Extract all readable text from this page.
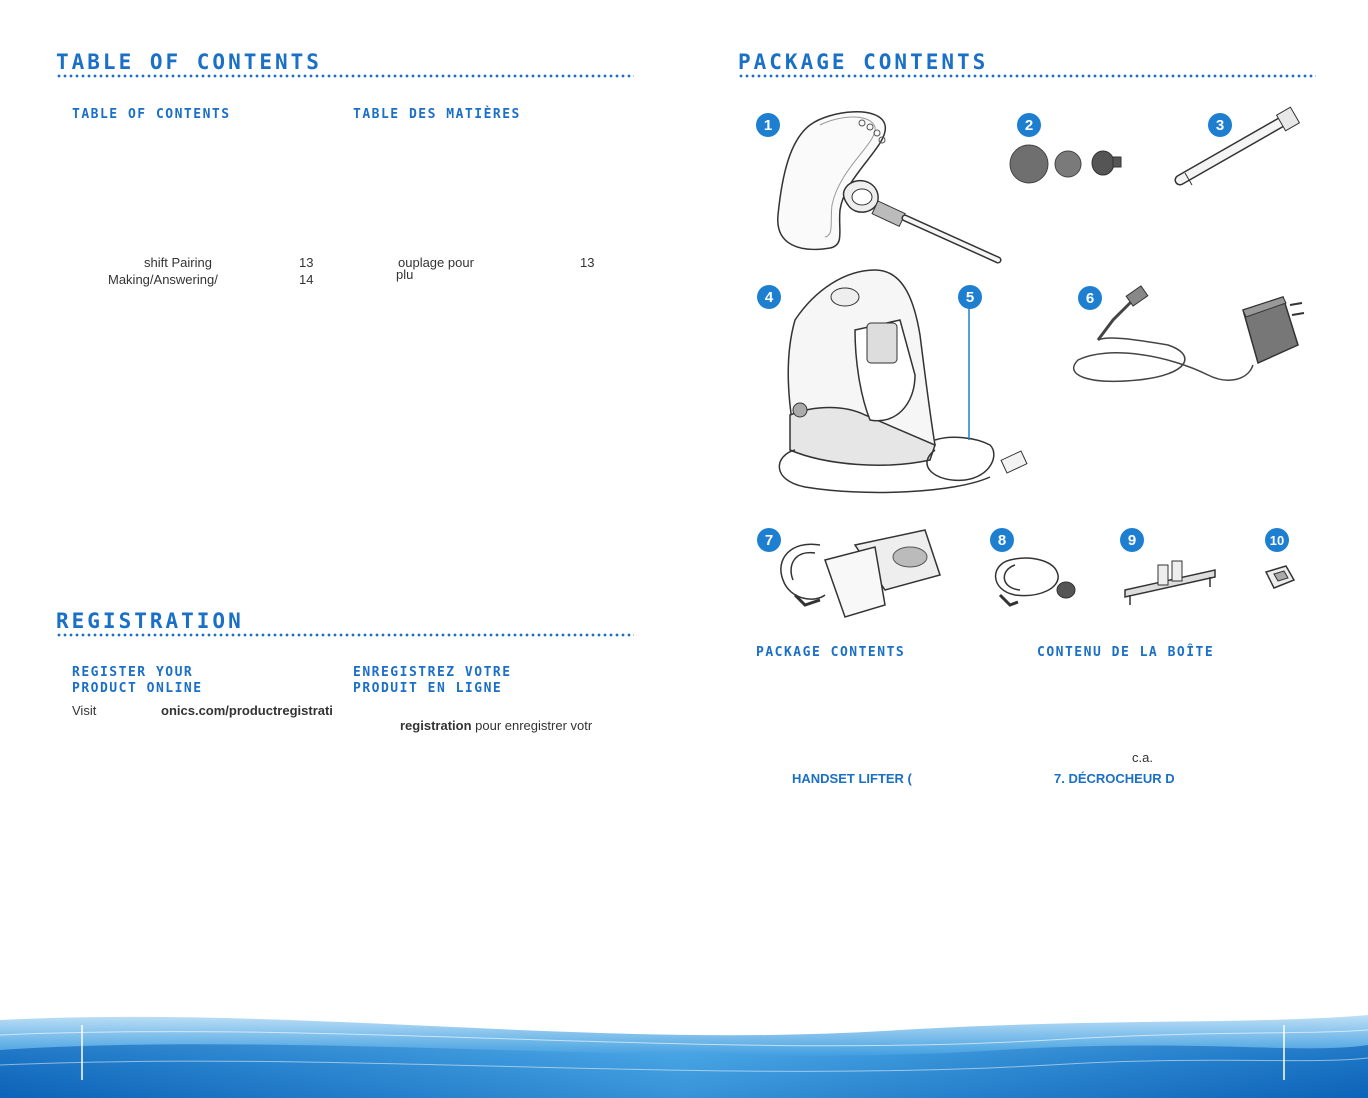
TABLE OF CONTENTS
TABLE OF CONTENTS	TABLE DES MATIÈRES
shift Pairing	13
Making/Answering/	14
ouplage pour	13
plu
REGISTRATION
REGISTER YOUR
PRODUCT ONLINE
ENREGISTREZ VOTRE
PRODUIT EN LIGNE
Visit	onics.com/productregistrati
registration pour enregistrer votr
PACKAGE CONTENTS
1	2	3
4	5	6
7	8	9	10
PACKAGE CONTENTS	CONTENU DE LA BOÎTE
c.a.
HANDSET LIFTER (	7. DÉCROCHEUR D
